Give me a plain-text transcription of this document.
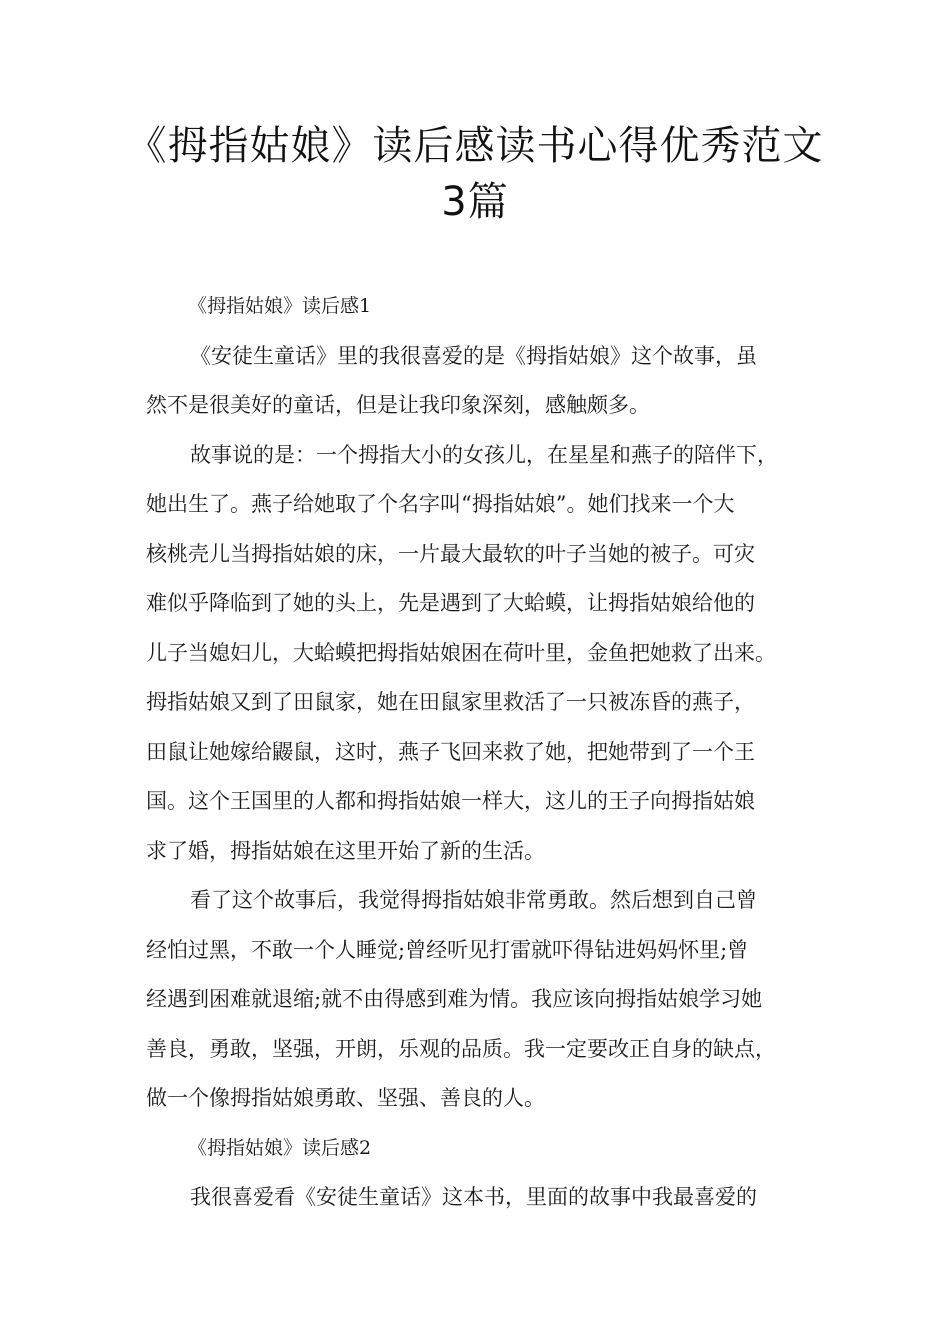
《拇指姑娘》读后感读书心得优秀范文
3篇
《拇指姑娘》读后感1
《安徒生童话》里的我很喜爱的是《拇指姑娘》这个故事，虽
然不是很美好的童话，但是让我印象深刻，感触颇多。
故事说的是：一个拇指大小的女孩儿，在星星和燕子的陪伴下，
她出生了。燕子给她取了个名字叫“拇指姑娘”。她们找来一个大
核桃壳儿当拇指姑娘的床，一片最大最软的叶子当她的被子。可灾
难似乎降临到了她的头上，先是遇到了大蛤蟆，让拇指姑娘给他的
儿子当媳妇儿，大蛤蟆把拇指姑娘困在荷叶里，金鱼把她救了出来。
拇指姑娘又到了田鼠家，她在田鼠家里救活了一只被冻昏的燕子，
田鼠让她嫁给鼹鼠，这时，燕子飞回来救了她，把她带到了一个王
国。这个王国里的人都和拇指姑娘一样大，这儿的王子向拇指姑娘
求了婚，拇指姑娘在这里开始了新的生活。
看了这个故事后，我觉得拇指姑娘非常勇敢。然后想到自己曾
经怕过黑，不敢一个人睡觉;曾经听见打雷就吓得钻进妈妈怀里;曾
经遇到困难就退缩;就不由得感到难为情。我应该向拇指姑娘学习她
善良，勇敢，坚强，开朗，乐观的品质。我一定要改正自身的缺点，
做一个像拇指姑娘勇敢、坚强、善良的人。
《拇指姑娘》读后感2
我很喜爱看《安徒生童话》这本书，里面的故事中我最喜爱的
